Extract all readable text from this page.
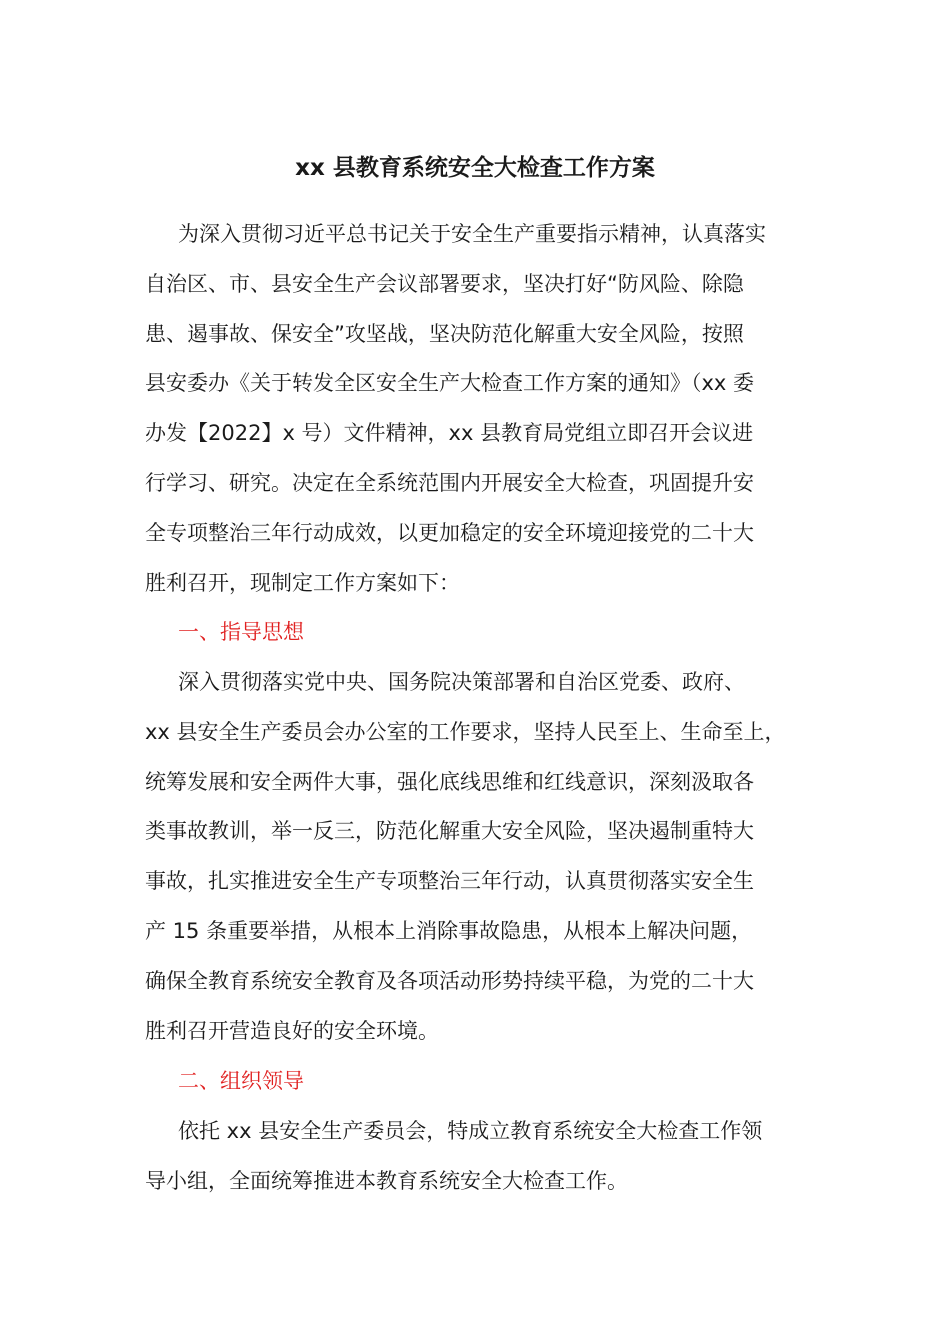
xx 县教育系统安全大检查工作方案

为深入贯彻习近平总书记关于安全生产重要指示精神，认真落实

自治区、市、县安全生产会议部署要求，坚决打好“防风险、除隐

患、遏事故、保安全”攻坚战，坚决防范化解重大安全风险，按照

县安委办《关于转发全区安全生产大检查工作方案的通知》（xx 委

办发【2022】x 号）文件精神，xx 县教育局党组立即召开会议进

行学习、研究。决定在全系统范围内开展安全大检查，巩固提升安

全专项整治三年行动成效，以更加稳定的安全环境迎接党的二十大

胜利召开，现制定工作方案如下：

一、指导思想

深入贯彻落实党中央、国务院决策部署和自治区党委、政府、

xx 县安全生产委员会办公室的工作要求，坚持人民至上、生命至上，

统筹发展和安全两件大事，强化底线思维和红线意识，深刻汲取各

类事故教训，举一反三，防范化解重大安全风险，坚决遏制重特大

事故，扎实推进安全生产专项整治三年行动，认真贯彻落实安全生

产 15 条重要举措，从根本上消除事故隐患，从根本上解决问题，

确保全教育系统安全教育及各项活动形势持续平稳，为党的二十大

胜利召开营造良好的安全环境。

二、组织领导

依托 xx 县安全生产委员会，特成立教育系统安全大检查工作领

导小组，全面统筹推进本教育系统安全大检查工作。
